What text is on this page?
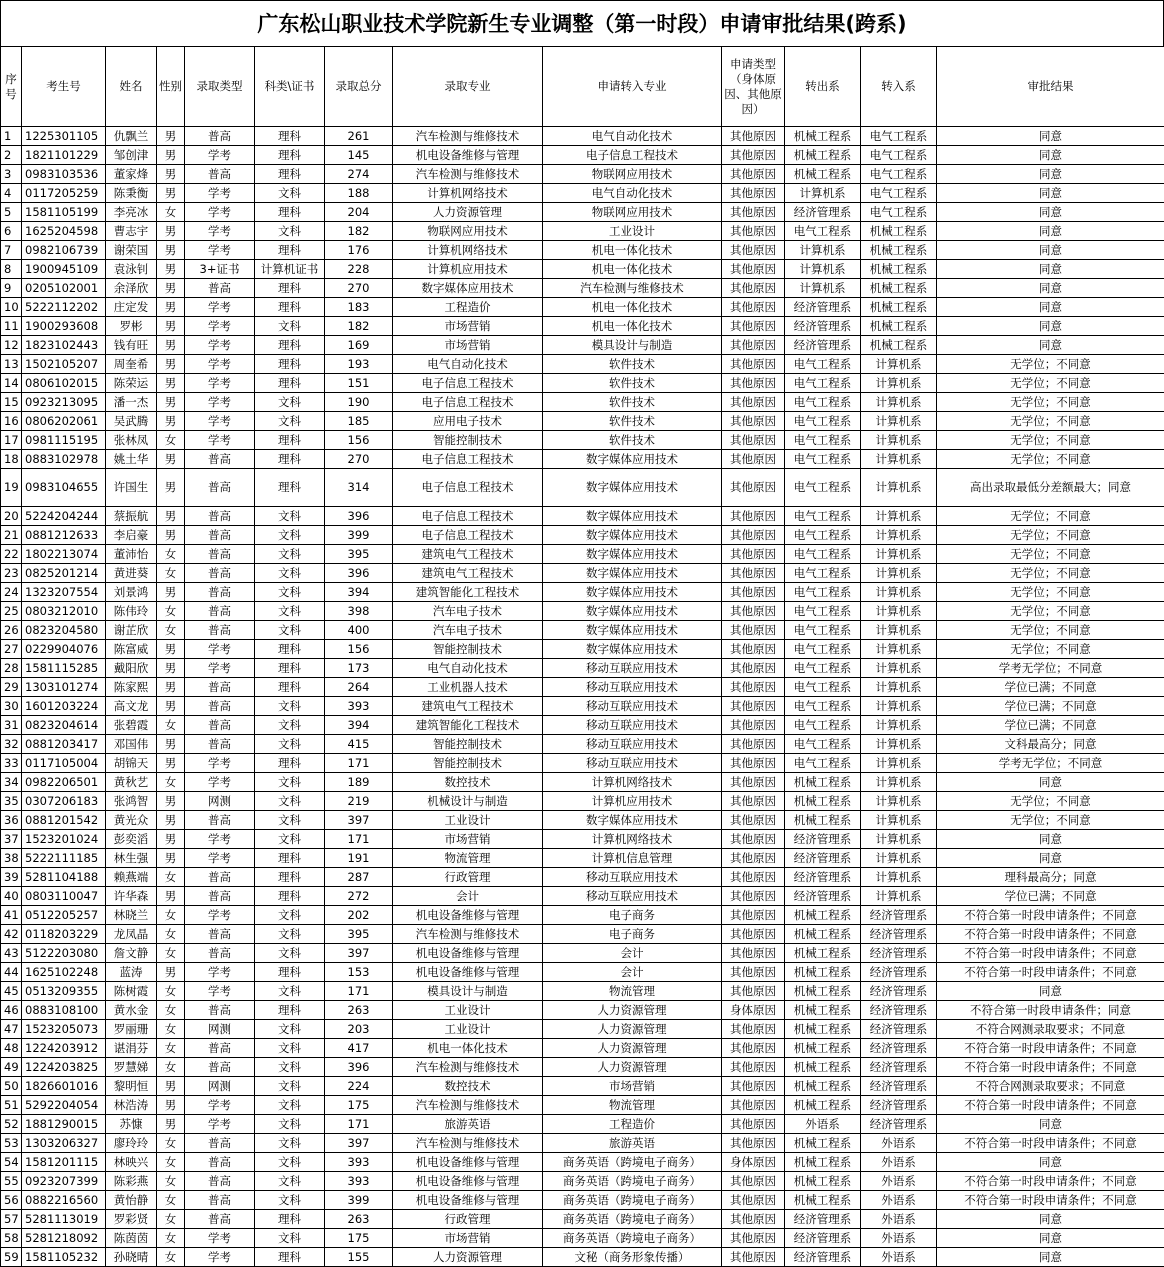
广东松山职业技术学院新生专业调整（第一时段）申请审批结果(跨系)
序号	考生号	姓名	性别	录取类型	科类\证书	录取总分	录取专业	申请转入专业	申请类型（身体原因、其他原因）	转出系	转入系	审批结果
1	1225301105	仇飘兰	男	普高	理科	261	汽车检测与维修技术	电气自动化技术	其他原因	机械工程系	电气工程系	同意
2	1821101229	邹创津	男	学考	理科	145	机电设备维修与管理	电子信息工程技术	其他原因	机械工程系	电气工程系	同意
3	0983103536	董家烽	男	普高	理科	274	汽车检测与维修技术	物联网应用技术	其他原因	机械工程系	电气工程系	同意
4	0117205259	陈秉衡	男	学考	文科	188	计算机网络技术	电气自动化技术	其他原因	计算机系	电气工程系	同意
5	1581105199	李亮冰	女	学考	理科	204	人力资源管理	物联网应用技术	其他原因	经济管理系	电气工程系	同意
6	1625204598	曹志宇	男	学考	文科	182	物联网应用技术	工业设计	其他原因	电气工程系	机械工程系	同意
7	0982106739	谢荣国	男	学考	理科	176	计算机网络技术	机电一体化技术	其他原因	计算机系	机械工程系	同意
8	1900945109	袁泳钊	男	3+证书	计算机证书	228	计算机应用技术	机电一体化技术	其他原因	计算机系	机械工程系	同意
9	0205102001	余泽欣	男	普高	理科	270	数字媒体应用技术	汽车检测与维修技术	其他原因	计算机系	机械工程系	同意
10	5222112202	庄定发	男	学考	理科	183	工程造价	机电一体化技术	其他原因	经济管理系	机械工程系	同意
11	1900293608	罗彬	男	学考	文科	182	市场营销	机电一体化技术	其他原因	经济管理系	机械工程系	同意
12	1823102443	钱有旺	男	学考	理科	169	市场营销	模具设计与制造	其他原因	经济管理系	机械工程系	同意
13	1502105207	周奎希	男	学考	理科	193	电气自动化技术	软件技术	其他原因	电气工程系	计算机系	无学位；不同意
14	0806102015	陈荣运	男	学考	理科	151	电子信息工程技术	软件技术	其他原因	电气工程系	计算机系	无学位；不同意
15	0923213095	潘一杰	男	学考	文科	190	电子信息工程技术	软件技术	其他原因	电气工程系	计算机系	无学位；不同意
16	0806202061	吴武腾	男	学考	文科	185	应用电子技术	软件技术	其他原因	电气工程系	计算机系	无学位；不同意
17	0981115195	张林凤	女	学考	理科	156	智能控制技术	软件技术	其他原因	电气工程系	计算机系	无学位；不同意
18	0883102978	姚土华	男	普高	理科	270	电子信息工程技术	数字媒体应用技术	其他原因	电气工程系	计算机系	无学位；不同意
19	0983104655	许国生	男	普高	理科	314	电子信息工程技术	数字媒体应用技术	其他原因	电气工程系	计算机系	高出录取最低分差额最大；同意
20	5224204244	蔡振航	男	普高	文科	396	电子信息工程技术	数字媒体应用技术	其他原因	电气工程系	计算机系	无学位；不同意
21	0881212633	李启豪	男	普高	文科	399	电子信息工程技术	数字媒体应用技术	其他原因	电气工程系	计算机系	无学位；不同意
22	1802213074	董沛怡	女	普高	文科	395	建筑电气工程技术	数字媒体应用技术	其他原因	电气工程系	计算机系	无学位；不同意
23	0825201214	黄进葵	女	普高	文科	396	建筑电气工程技术	数字媒体应用技术	其他原因	电气工程系	计算机系	无学位；不同意
24	1323207554	刘景鸿	男	普高	文科	394	建筑智能化工程技术	数字媒体应用技术	其他原因	电气工程系	计算机系	无学位；不同意
25	0803212010	陈伟玲	女	普高	文科	398	汽车电子技术	数字媒体应用技术	其他原因	电气工程系	计算机系	无学位；不同意
26	0823204580	谢芷欣	女	普高	文科	400	汽车电子技术	数字媒体应用技术	其他原因	电气工程系	计算机系	无学位；不同意
27	0229904076	陈富威	男	学考	理科	156	智能控制技术	数字媒体应用技术	其他原因	电气工程系	计算机系	无学位；不同意
28	1581115285	戴阳欣	男	学考	理科	173	电气自动化技术	移动互联应用技术	其他原因	电气工程系	计算机系	学考无学位；不同意
29	1303101274	陈家熙	男	普高	理科	264	工业机器人技术	移动互联应用技术	其他原因	电气工程系	计算机系	学位已满；不同意
30	1601203224	高文龙	男	普高	文科	393	建筑电气工程技术	移动互联应用技术	其他原因	电气工程系	计算机系	学位已满；不同意
31	0823204614	张碧霞	女	普高	文科	394	建筑智能化工程技术	移动互联应用技术	其他原因	电气工程系	计算机系	学位已满；不同意
32	0881203417	邓国伟	男	普高	文科	415	智能控制技术	移动互联应用技术	其他原因	电气工程系	计算机系	文科最高分；同意
33	0117105004	胡锦天	男	学考	理科	171	智能控制技术	移动互联应用技术	其他原因	电气工程系	计算机系	学考无学位；不同意
34	0982206501	黄秋艺	女	学考	文科	189	数控技术	计算机网络技术	其他原因	机械工程系	计算机系	同意
35	0307206183	张鸿智	男	网测	文科	219	机械设计与制造	计算机应用技术	其他原因	机械工程系	计算机系	无学位；不同意
36	0881201542	黄光众	男	普高	文科	397	工业设计	数字媒体应用技术	其他原因	机械工程系	计算机系	无学位；不同意
37	1523201024	彭奕滔	男	学考	文科	171	市场营销	计算机网络技术	其他原因	经济管理系	计算机系	同意
38	5222111185	林生强	男	学考	理科	191	物流管理	计算机信息管理	其他原因	经济管理系	计算机系	同意
39	5281104188	赖燕端	女	普高	理科	287	行政管理	移动互联应用技术	其他原因	经济管理系	计算机系	理科最高分；同意
40	0803110047	许华森	男	普高	理科	272	会计	移动互联应用技术	其他原因	经济管理系	计算机系	学位已满；不同意
41	0512205257	林晓兰	女	学考	文科	202	机电设备维修与管理	电子商务	其他原因	机械工程系	经济管理系	不符合第一时段申请条件；不同意
42	0118203229	龙凤晶	女	普高	文科	395	汽车检测与维修技术	电子商务	其他原因	机械工程系	经济管理系	不符合第一时段申请条件；不同意
43	5122203080	詹文静	女	普高	文科	397	机电设备维修与管理	会计	其他原因	机械工程系	经济管理系	不符合第一时段申请条件；不同意
44	1625102248	蓝涛	男	学考	理科	153	机电设备维修与管理	会计	其他原因	机械工程系	经济管理系	不符合第一时段申请条件；不同意
45	0513209355	陈树霞	女	学考	文科	171	模具设计与制造	物流管理	其他原因	机械工程系	经济管理系	同意
46	0883108100	黄水金	女	普高	理科	263	工业设计	人力资源管理	身体原因	机械工程系	经济管理系	不符合第一时段申请条件；同意
47	1523205073	罗丽珊	女	网测	文科	203	工业设计	人力资源管理	其他原因	机械工程系	经济管理系	不符合网测录取要求；不同意
48	1224203912	谌涓芬	女	普高	文科	417	机电一体化技术	人力资源管理	其他原因	机械工程系	经济管理系	不符合第一时段申请条件；不同意
49	1224203825	罗慧娣	女	普高	文科	396	汽车检测与维修技术	人力资源管理	其他原因	机械工程系	经济管理系	不符合第一时段申请条件；不同意
50	1826601016	黎明恒	男	网测	文科	224	数控技术	市场营销	其他原因	机械工程系	经济管理系	不符合网测录取要求；不同意
51	5292204054	林浩涛	男	学考	文科	175	汽车检测与维修技术	物流管理	其他原因	机械工程系	经济管理系	不符合第一时段申请条件；不同意
52	1881290015	苏慷	男	学考	文科	171	旅游英语	工程造价	其他原因	外语系	经济管理系	同意
53	1303206327	廖玲玲	女	普高	文科	397	汽车检测与维修技术	旅游英语	其他原因	机械工程系	外语系	不符合第一时段申请条件；不同意
54	1581201115	林映兴	女	普高	文科	393	机电设备维修与管理	商务英语（跨境电子商务）	身体原因	机械工程系	外语系	同意
55	0923207399	陈彩燕	女	普高	文科	393	机电设备维修与管理	商务英语（跨境电子商务）	其他原因	机械工程系	外语系	不符合第一时段申请条件；不同意
56	0882216560	黄怡静	女	普高	文科	399	机电设备维修与管理	商务英语（跨境电子商务）	其他原因	机械工程系	外语系	不符合第一时段申请条件；不同意
57	5281113019	罗彩贤	女	普高	理科	263	行政管理	商务英语（跨境电子商务）	其他原因	经济管理系	外语系	同意
58	5281218092	陈茵茵	女	学考	文科	175	市场营销	商务英语（跨境电子商务）	其他原因	经济管理系	外语系	同意
59	1581105232	孙晓晴	女	学考	理科	155	人力资源管理	文秘（商务形象传播）	其他原因	经济管理系	外语系	同意
